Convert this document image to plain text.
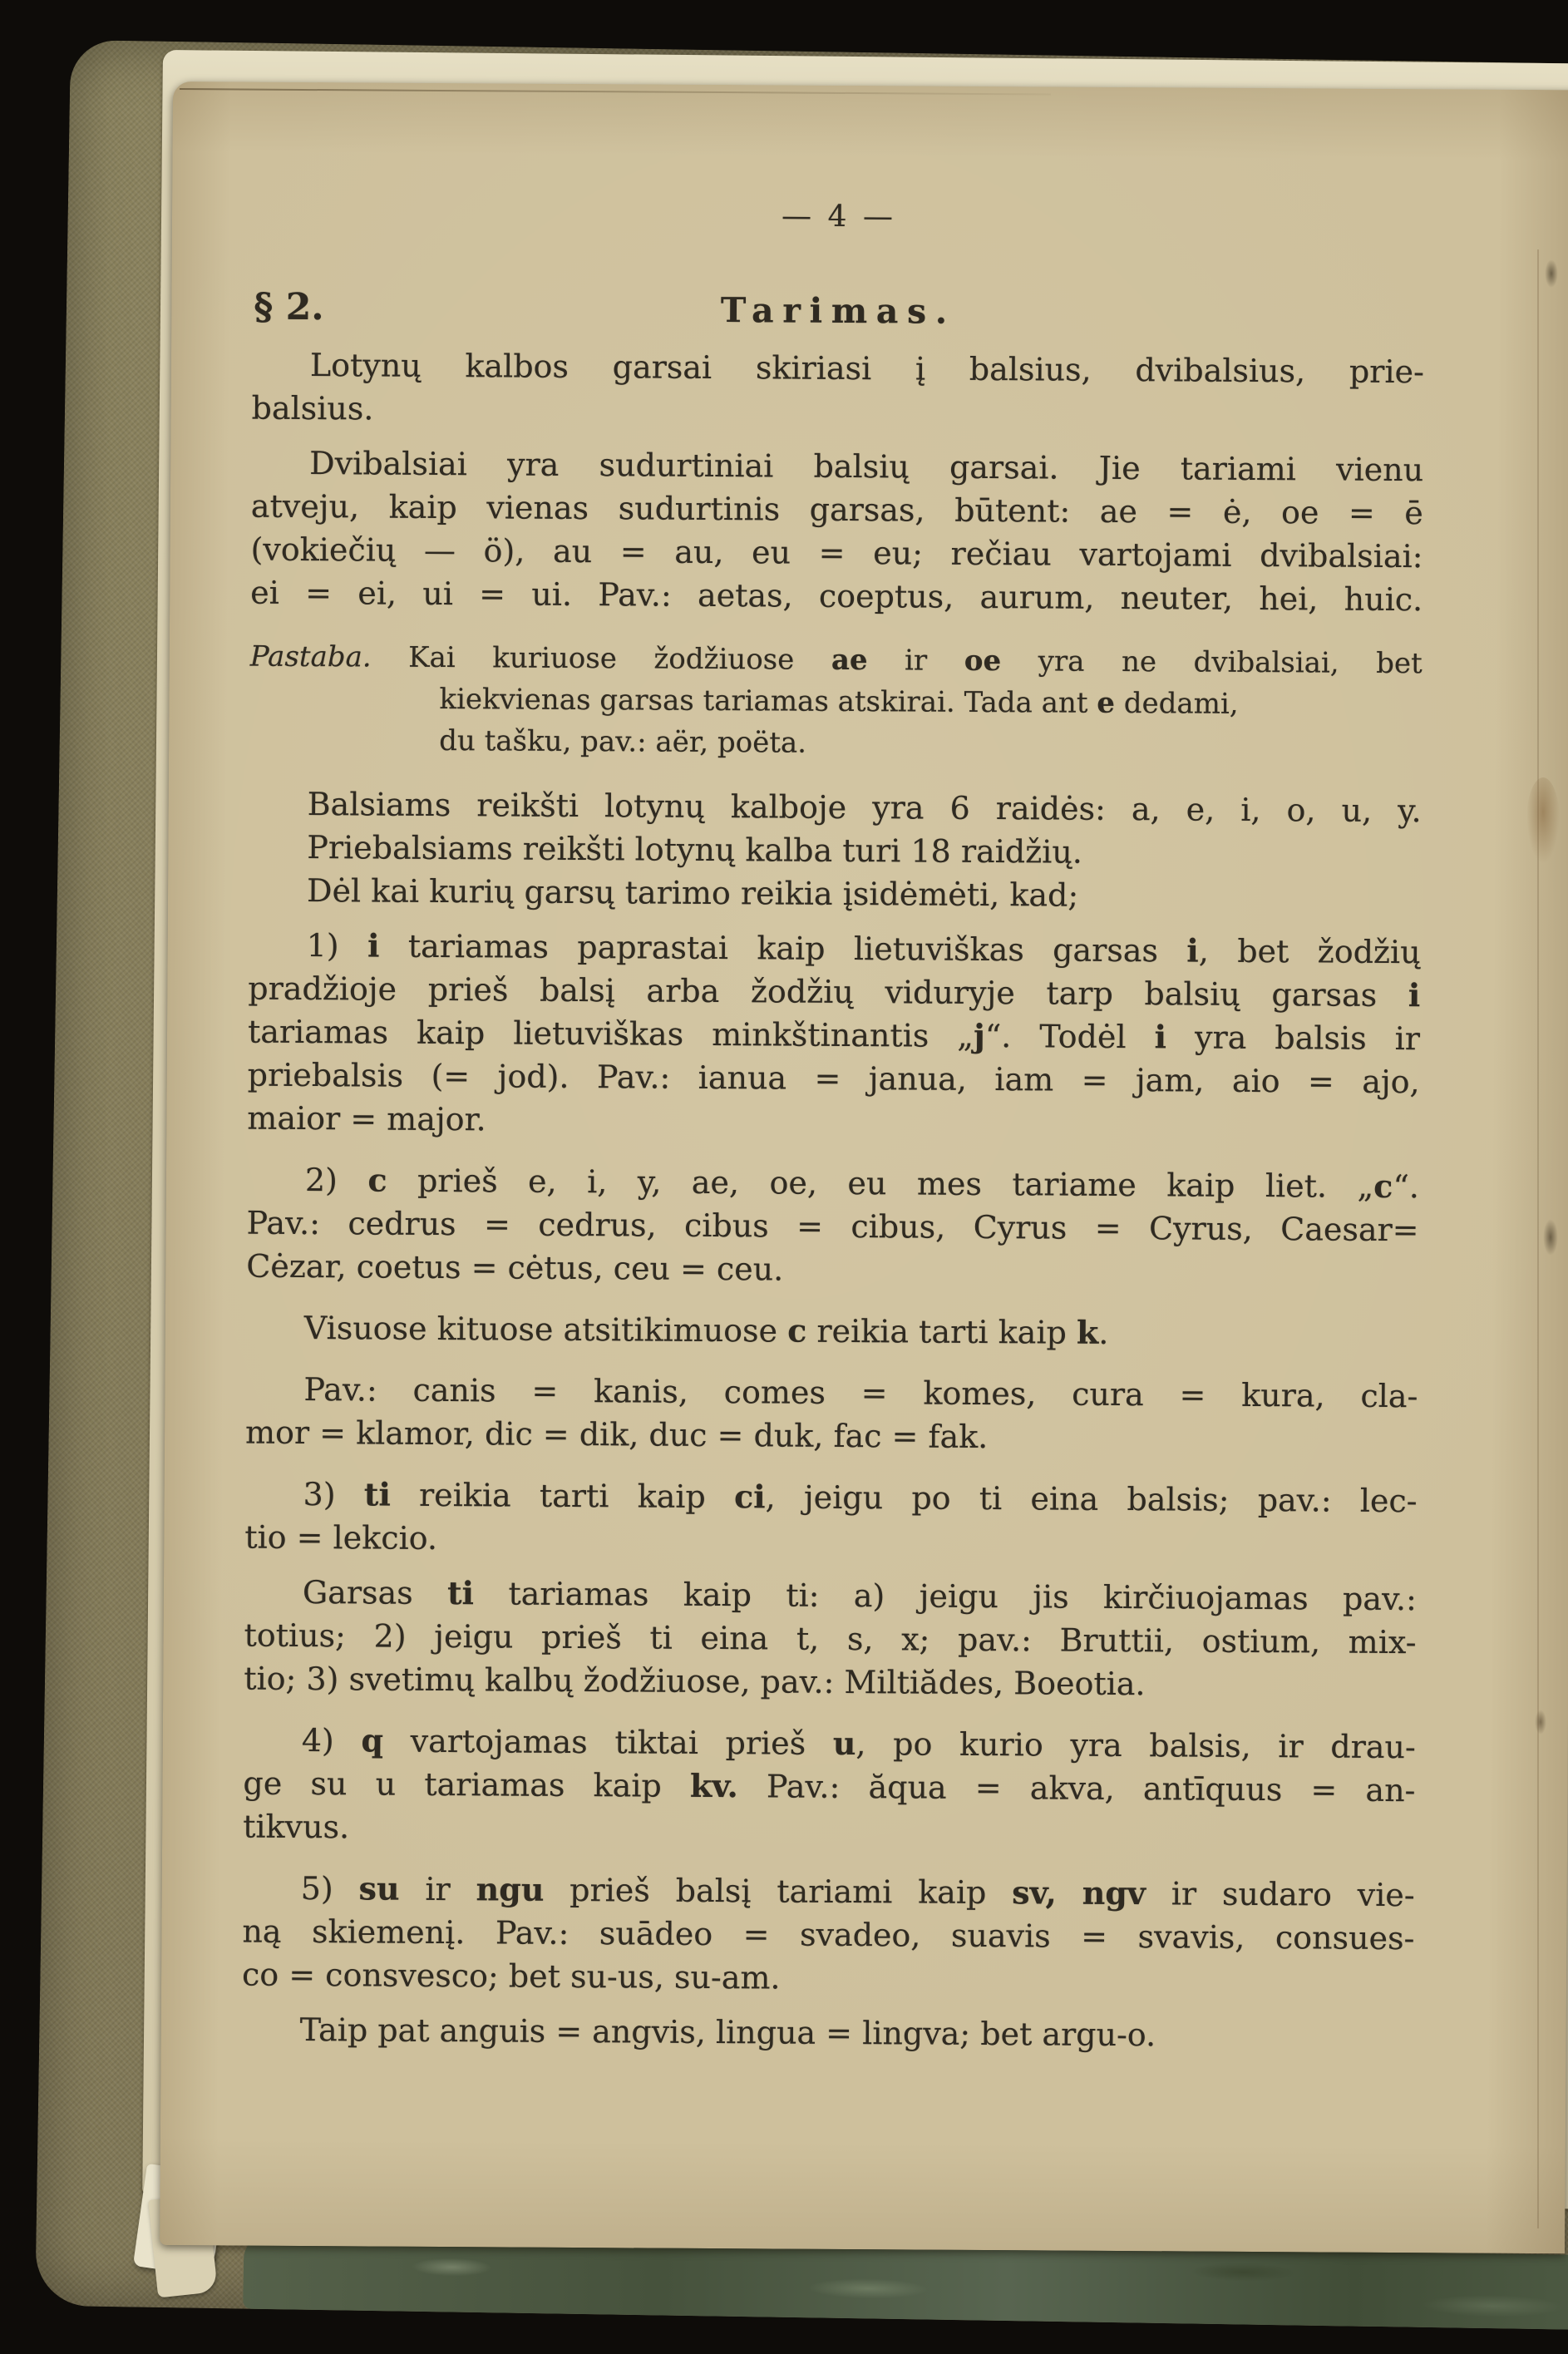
— 4 —
§ 2.	Tarimas.
Lotynų kalbos garsai skiriasi į balsius, dvibalsius, prie-
balsius.
Dvibalsiai yra sudurtiniai balsių garsai. Jie tariami vienu
atveju, kaip vienas sudurtinis garsas, būtent: ae = ė, oe = ē
(vokiečių — ö), au = au, eu = eu; rečiau vartojami dvibalsiai:
ei = ei, ui = ui. Pav.: aetas, coeptus, aurum, neuter, hei, huic.
Pastaba. Kai kuriuose žodžiuose ae ir oe yra ne dvibalsiai, bet
kiekvienas garsas tariamas atskirai. Tada ant e dedami,
du tašku, pav.: aër, poëta.
Balsiams reikšti lotynų kalboje yra 6 raidės: a, e, i, o, u, y.
Priebalsiams reikšti lotynų kalba turi 18 raidžių.
Dėl kai kurių garsų tarimo reikia įsidėmėti, kad;
1) i tariamas paprastai kaip lietuviškas garsas i, bet žodžių
pradžioje prieš balsį arba žodžių viduryje tarp balsių garsas i
tariamas kaip lietuviškas minkštinantis „j“. Todėl i yra balsis ir
priebalsis (= jod). Pav.: ianua = janua, iam = jam, aio = ajo,
maior = major.
2) c prieš e, i, y, ae, oe, eu mes tariame kaip liet. „c“.
Pav.: cedrus = cedrus, cibus = cibus, Cyrus = Cyrus, Caesar=
Cėzar, coetus = cėtus, ceu = ceu.
Visuose kituose atsitikimuose c reikia tarti kaip k.
Pav.: canis = kanis, comes = komes, cura = kura, cla-
mor = klamor, dic = dik, duc = duk, fac = fak.
3) ti reikia tarti kaip ci, jeigu po ti eina balsis; pav.: lec-
tio = lekcio.
Garsas ti tariamas kaip ti: a) jeigu jis kirčiuojamas pav.:
totius; 2) jeigu prieš ti eina t, s, x; pav.: Bruttii, ostium, mix-
tio; 3) svetimų kalbų žodžiuose, pav.: Miltiădes, Boeotia.
4) q vartojamas tiktai prieš u, po kurio yra balsis, ir drau-
ge su u tariamas kaip kv. Pav.: ăqua = akva, antīquus = an-
tikvus.
5) su ir ngu prieš balsį tariami kaip sv, ngv ir sudaro vie-
ną skiemenį. Pav.: suādeo = svadeo, suavis = svavis, consues-
co = consvesco; bet su-us, su-am.
Taip pat anguis = angvis, lingua = lingva; bet argu-o.
